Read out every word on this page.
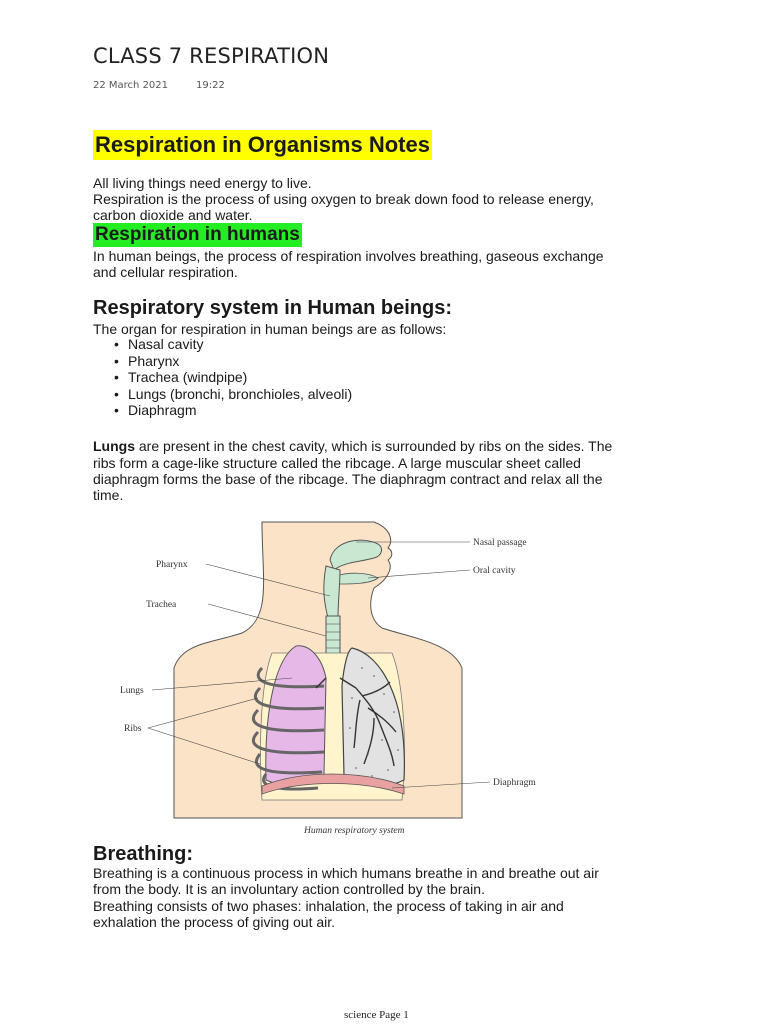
CLASS 7 RESPIRATION
22 March 2021	19:22
Respiration in Organisms Notes

All living things need energy to live.

Respiration is the process of using oxygen to break down food to release energy,

carbon dioxide and water.

Respiration in humans

In human beings, the process of respiration involves breathing, gaseous exchange

and cellular respiration.

Respiratory system in Human beings:

The organ for respiration in human beings are as follows:

• Nasal cavity
• Pharynx
• Trachea (windpipe)
• Lungs (bronchi, bronchioles, alveoli)
• Diaphragm

Lungs are present in the chest cavity, which is surrounded by ribs on the sides. The

ribs form a cage-like structure called the ribcage. A large muscular sheet called

diaphragm forms the base of the ribcage. The diaphragm contract and relax all the

time.

Nasal passage
Oral cavity
Pharynx
Trachea
Lungs
Ribs
Diaphragm
Human respiratory system
Breathing:

Breathing is a continuous process in which humans breathe in and breathe out air

from the body. It is an involuntary action controlled by the brain.

Breathing consists of two phases: inhalation, the process of taking in air and

exhalation the process of giving out air.

science Page 1
